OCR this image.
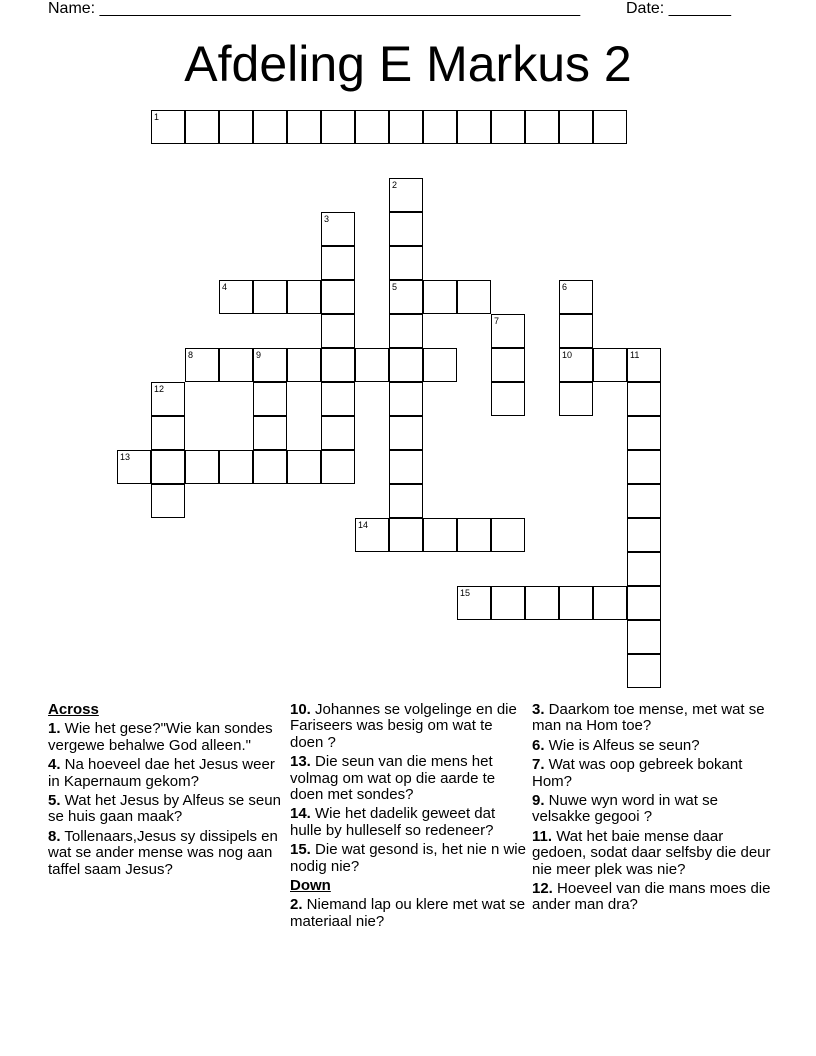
Name: ______________________________________________________

	Date: _______

Afdeling E Markus 2
1
2
5
3
4	6
10
7
8	9	11
12
13
14
15
Across
1. Wie het gese?"Wie kan sondes vergewe behalwe God alleen."
4. Na hoeveel dae het Jesus weer in Kapernaum gekom?
5. Wat het Jesus by Alfeus se seun se huis gaan maak?
8. Tollenaars,Jesus sy dissipels en wat se ander mense was nog aan taffel saam Jesus?
10. Johannes se volgelinge en die Fariseers was besig om wat te doen ?
13. Die seun van die mens het volmag om wat op die aarde te doen met sondes?
14. Wie het dadelik geweet dat hulle by hulleself so redeneer?
15. Die wat gesond is, het nie n wie nodig nie?
Down
2. Niemand lap ou klere met wat se materiaal nie?
3. Daarkom toe mense, met wat se man na Hom toe?
6. Wie is Alfeus se seun?
7. Wat was oop gebreek bokant Hom?
9. Nuwe wyn word in wat se velsakke gegooi ?
11. Wat het baie mense daar gedoen, sodat daar selfsby die deur nie meer plek was nie?
12. Hoeveel van die mans moes die ander man dra?
